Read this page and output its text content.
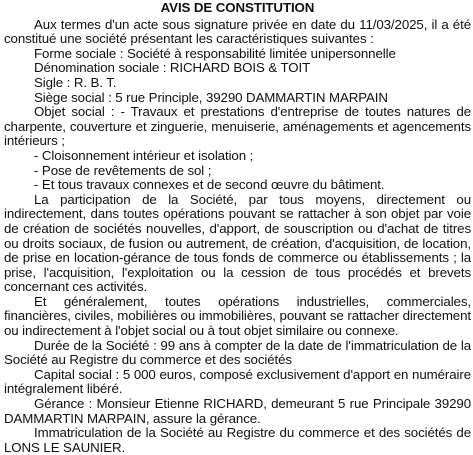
AVIS DE CONSTITUTION

Aux termes d'un acte sous signature privée en date du 11/03/2025, il a été constitué une société présentant les caractéristiques suivantes :

Forme sociale : Société à responsabilité limitée unipersonnelle

Dénomination sociale : RICHARD BOIS & TOIT

Sigle : R. B. T.

Siège social : 5 rue Principle, 39290 DAMMARTIN MARPAIN

Objet social : - Travaux et prestations d'entreprise de toutes natures de charpente, couverture et zinguerie, menuiserie, aménagements et agencements intérieurs ;

- Cloisonnement intérieur et isolation ;

- Pose de revêtements de sol ;

- Et tous travaux connexes et de second œuvre du bâtiment.

La participation de la Société, par tous moyens, directement ou indirectement, dans toutes opérations pouvant se rattacher à son objet par voie de création de sociétés nouvelles, d'apport, de souscription ou d'achat de titres ou droits sociaux, de fusion ou autrement, de création, d'acquisition, de location, de prise en location-gérance de tous fonds de commerce ou établissements ; la prise, l'acquisition, l'exploitation ou la cession de tous procédés et brevets concernant ces activités.

Et généralement, toutes opérations industrielles, commerciales, financières, civiles, mobilières ou immobilières, pouvant se rattacher directement ou indirectement à l'objet social ou à tout objet similaire ou connexe.

Durée de la Société : 99 ans à compter de la date de l'immatriculation de la Société au Registre du commerce et des sociétés

Capital social : 5 000 euros, composé exclusivement d'apport en numéraire intégralement libéré.

Gérance : Monsieur Etienne RICHARD, demeurant 5 rue Principale 39290 DAMMARTIN MARPAIN, assure la gérance.

Immatriculation de la Société au Registre du commerce et des sociétés de LONS LE SAUNIER.
